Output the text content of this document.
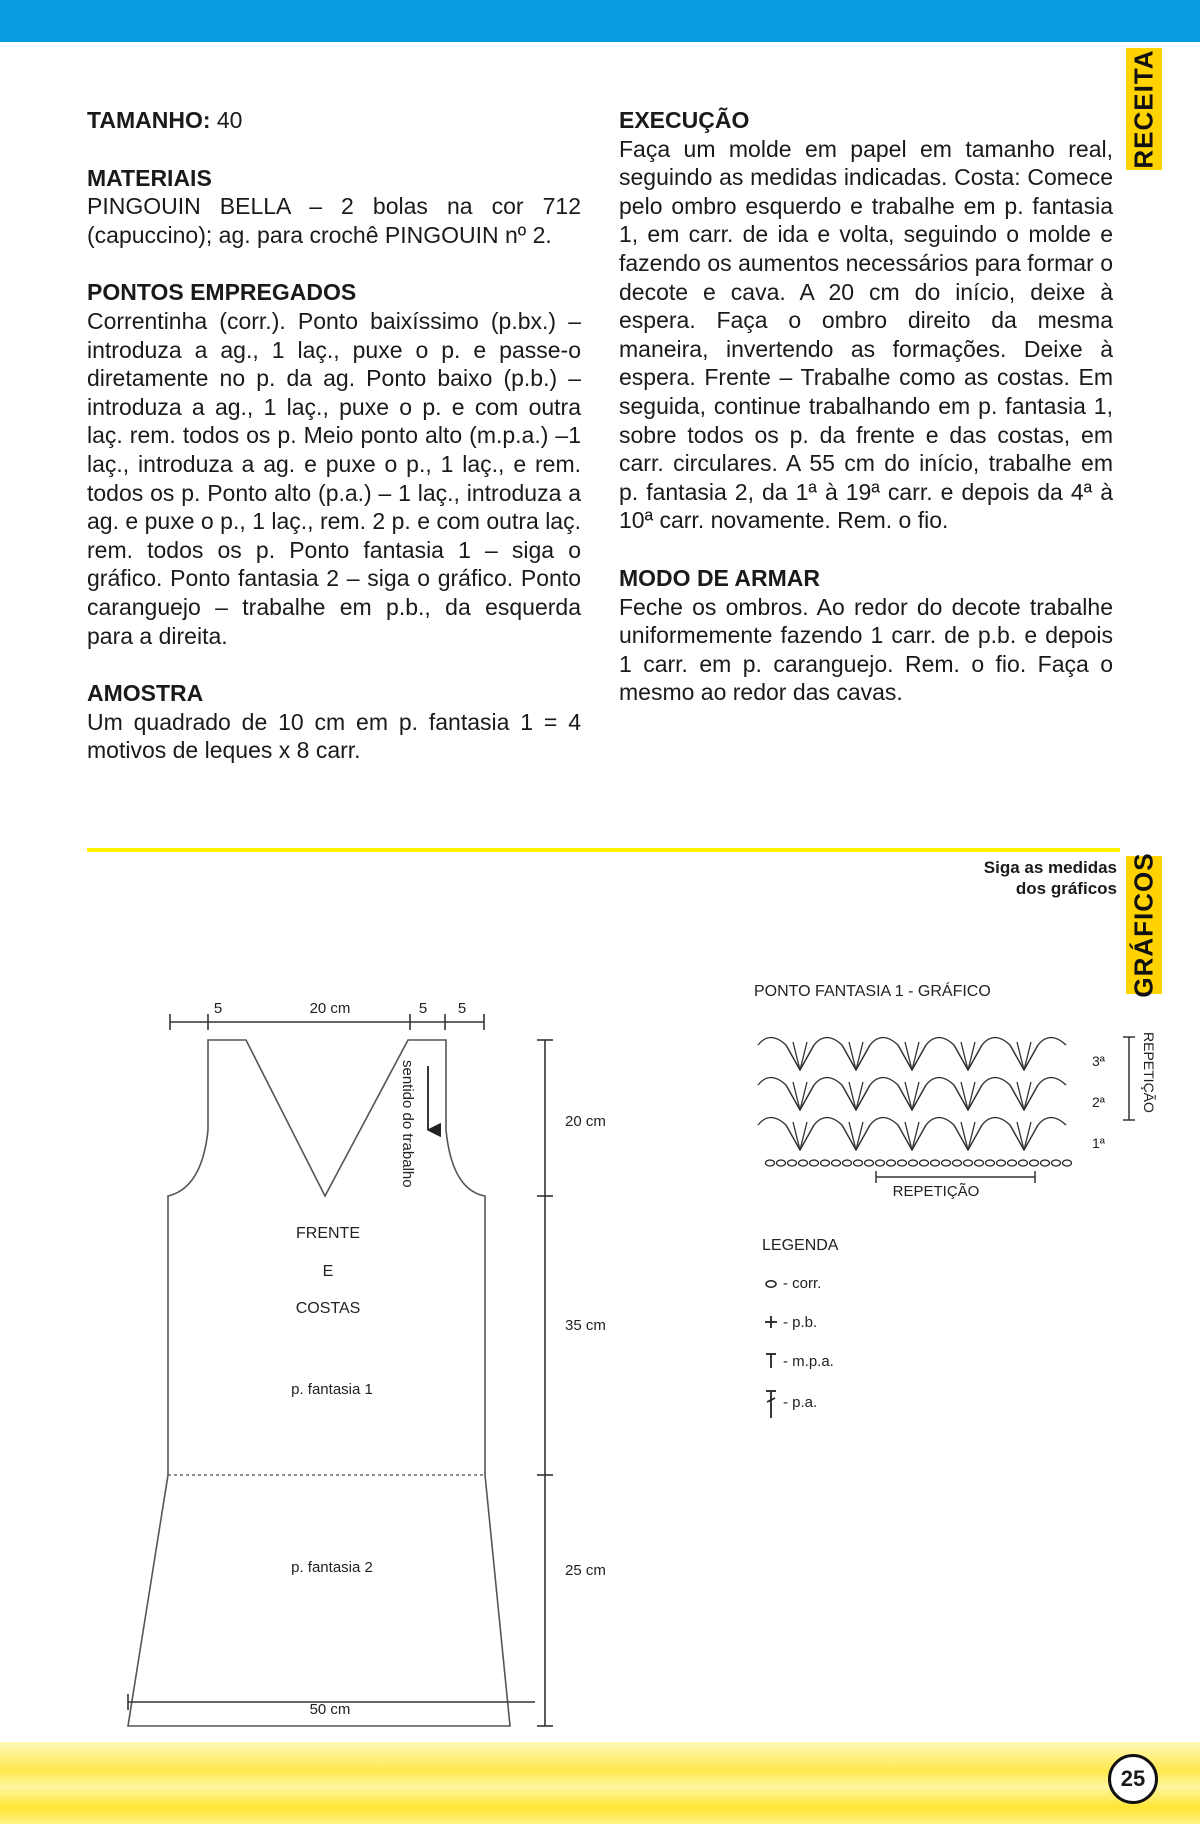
RECEITA
TAMANHO: 40
MATERIAIS

PINGOUIN BELLA – 2 bolas na cor 712 (capuccino); ag. para crochê PINGOUIN nº 2.

PONTOS EMPREGADOS

Correntinha (corr.). Ponto baixíssimo (p.bx.) – introduza a ag., 1 laç., puxe o p. e passe-o diretamente no p. da ag. Ponto baixo (p.b.) – introduza a ag., 1 laç., puxe o p. e com outra laç. rem. todos os p. Meio ponto alto (m.p.a.) –1 laç., introduza a ag. e puxe o p., 1 laç., e rem. todos os p. Ponto alto (p.a.) – 1 laç., introduza a ag. e puxe o p., 1 laç., rem. 2 p. e com outra laç. rem. todos os p. Ponto fantasia 1 – siga o gráfico. Ponto fantasia 2 – siga o gráfico. Ponto caranguejo – trabalhe em p.b., da esquerda para a direita.

AMOSTRA

Um quadrado de 10 cm em p. fantasia 1 = 4 motivos de leques x 8 carr.

EXECUÇÃO

Faça um molde em papel em tamanho real, seguindo as medidas indicadas. Costa: Comece pelo ombro esquerdo e trabalhe em p. fantasia 1, em carr. de ida e volta, seguindo o molde e fazendo os aumentos necessários para formar o decote e cava. A 20 cm do início, deixe à espera. Faça o ombro direito da mesma maneira, invertendo as formações. Deixe à espera. Frente – Trabalhe como as costas. Em seguida, continue trabalhando em p. fantasia 1, sobre todos os p. da frente e das costas, em carr. circulares. A 55 cm do início, trabalhe em p. fantasia 2, da 1ª à 19ª carr. e depois da 4ª à 10ª carr. novamente. Rem. o fio.

MODO DE ARMAR

Feche os ombros. Ao redor do decote trabalhe uniformemente fazendo 1 carr. de p.b. e depois 1 carr. em p. caranguejo. Rem. o fio. Faça o mesmo ao redor das cavas.

Siga as medidas
dos gráficos GRÁFICOS
5	20 cm	5 5
sentido do trabalho
FRENTE
E
COSTAS
p. fantasia 1
p. fantasia 2
20 cm
35 cm
25 cm
50 cm
PONTO FANTASIA 1 - GRÁFICO
3ª
2ª
1ª
REPETIÇÃO
REPETIÇÃO
LEGENDA
- corr.
- p.b.
- m.p.a.
- p.a.
25
